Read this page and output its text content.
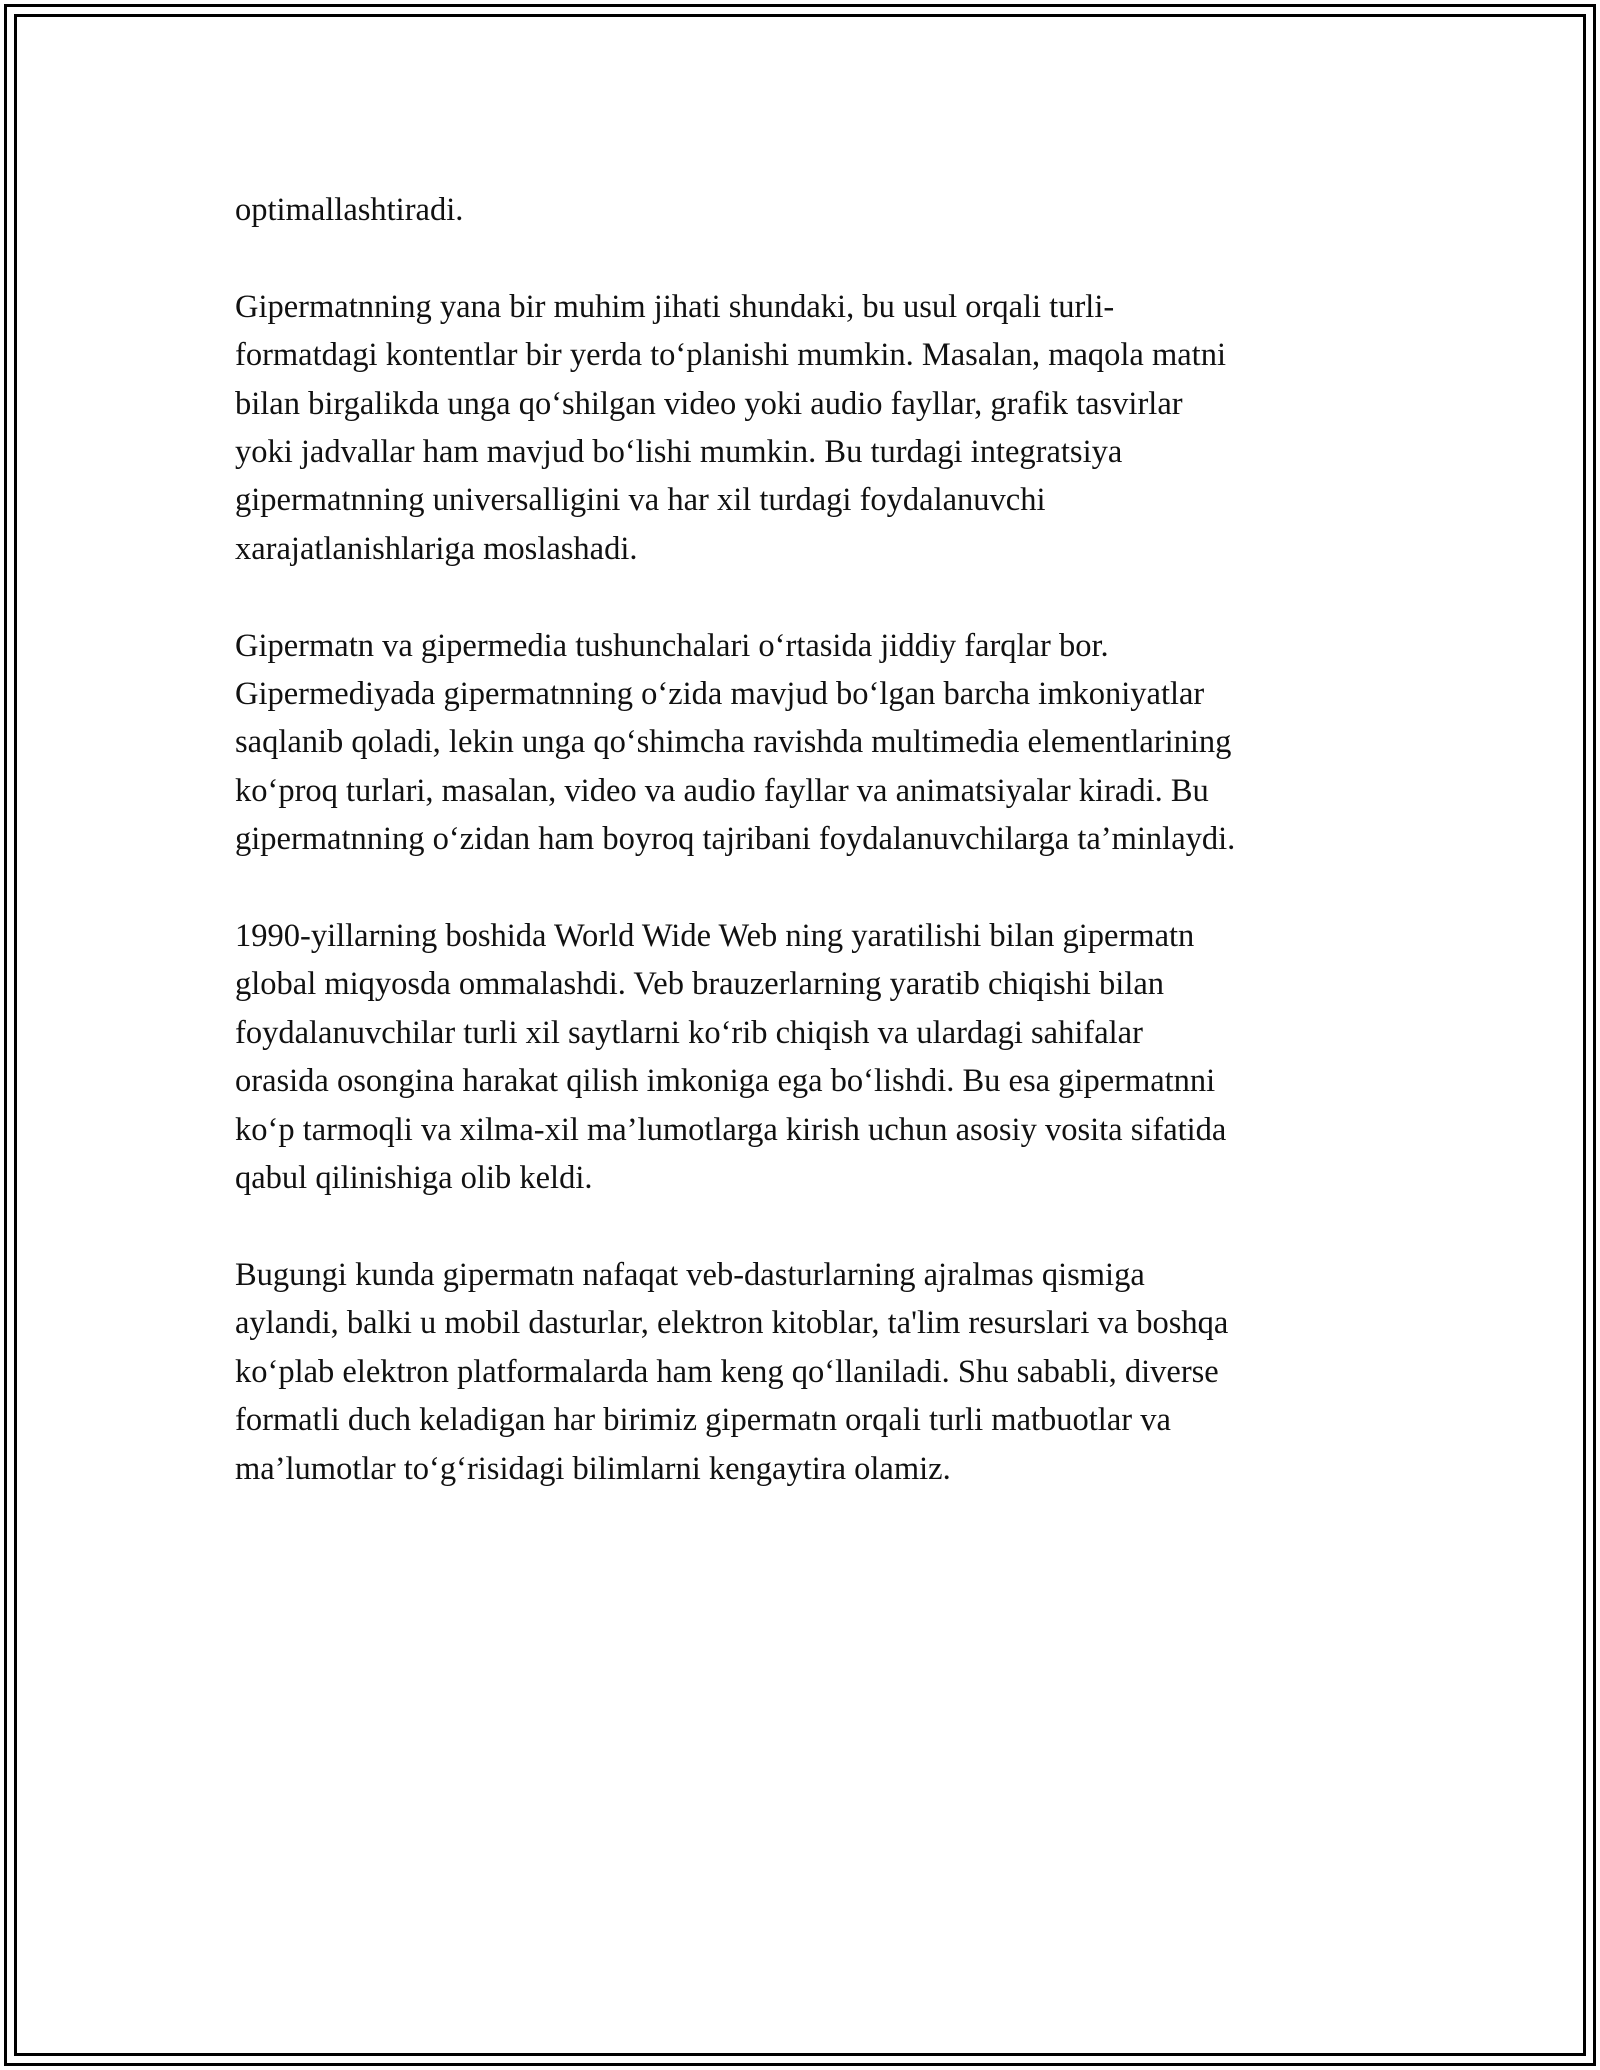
optimallashtiradi.

Gipermatnning yana bir muhim jihati shundaki, bu usul orqali turli-
formatdagi kontentlar bir yerda to‘planishi mumkin. Masalan, maqola matni
bilan birgalikda unga qo‘shilgan video yoki audio fayllar, grafik tasvirlar
yoki jadvallar ham mavjud bo‘lishi mumkin. Bu turdagi integratsiya
gipermatnning universalligini va har xil turdagi foydalanuvchi
xarajatlanishlariga moslashadi.

Gipermatn va gipermedia tushunchalari o‘rtasida jiddiy farqlar bor.
Gipermediyada gipermatnning o‘zida mavjud bo‘lgan barcha imkoniyatlar
saqlanib qoladi, lekin unga qo‘shimcha ravishda multimedia elementlarining
ko‘proq turlari, masalan, video va audio fayllar va animatsiyalar kiradi. Bu
gipermatnning o‘zidan ham boyroq tajribani foydalanuvchilarga ta’minlaydi.

1990-yillarning boshida World Wide Web ning yaratilishi bilan gipermatn
global miqyosda ommalashdi. Veb brauzerlarning yaratib chiqishi bilan
foydalanuvchilar turli xil saytlarni ko‘rib chiqish va ulardagi sahifalar
orasida osongina harakat qilish imkoniga ega bo‘lishdi. Bu esa gipermatnni
ko‘p tarmoqli va xilma-xil ma’lumotlarga kirish uchun asosiy vosita sifatida
qabul qilinishiga olib keldi.

Bugungi kunda gipermatn nafaqat veb-dasturlarning ajralmas qismiga
aylandi, balki u mobil dasturlar, elektron kitoblar, ta'lim resurslari va boshqa
ko‘plab elektron platformalarda ham keng qo‘llaniladi. Shu sababli, diverse
formatli duch keladigan har birimiz gipermatn orqali turli matbuotlar va
ma’lumotlar to‘g‘risidagi bilimlarni kengaytira olamiz.
